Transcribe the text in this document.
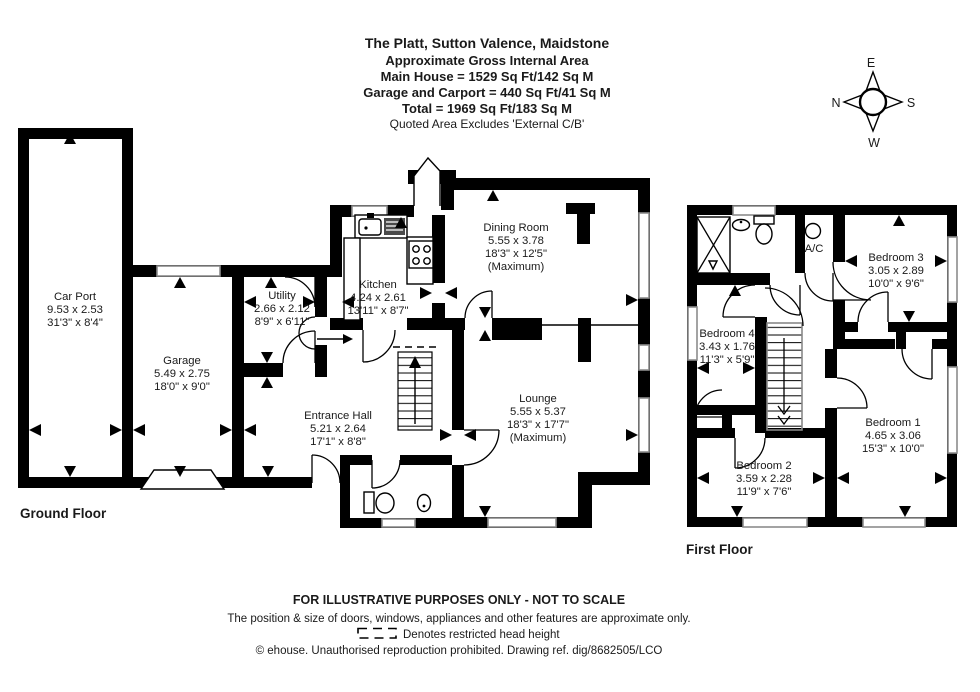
The Platt, Sutton Valence, Maidstone
Approximate Gross Internal Area
Main House = 1529 Sq Ft/142 Sq M
Garage and Carport = 440 Sq Ft/41 Sq M
Total = 1969 Sq Ft/183 Sq M
Quoted Area Excludes 'External C/B'
E
S
W
N
Car Port
9.53 x 2.53
31'3" x 8'4"
Garage
5.49 x 2.75
18'0" x 9'0"
Utility
2.66 x 2.12
8'9" x 6'11"
Kitchen
4.24 x 2.61
13'11" x 8'7"
Dining Room
5.55 x 3.78
18'3" x 12'5"
(Maximum)
Entrance Hall
5.21 x 2.64
17'1" x 8'8"
Lounge
5.55 x 5.37
18'3" x 17'7"
(Maximum)
Ground Floor
Bedroom 3
3.05 x 2.89
10'0" x 9'6"
A/C
Bedroom 4
3.43 x 1.76
11'3" x 5'9"
Bedroom 1
4.65 x 3.06
15'3" x 10'0"
Bedroom 2
3.59 x 2.28
11'9" x 7'6"
First Floor
FOR ILLUSTRATIVE PURPOSES ONLY - NOT TO SCALE
The position & size of doors, windows, appliances and other features are approximate only.
Denotes restricted head height
© ehouse. Unauthorised reproduction prohibited. Drawing ref. dig/8682505/LCO
